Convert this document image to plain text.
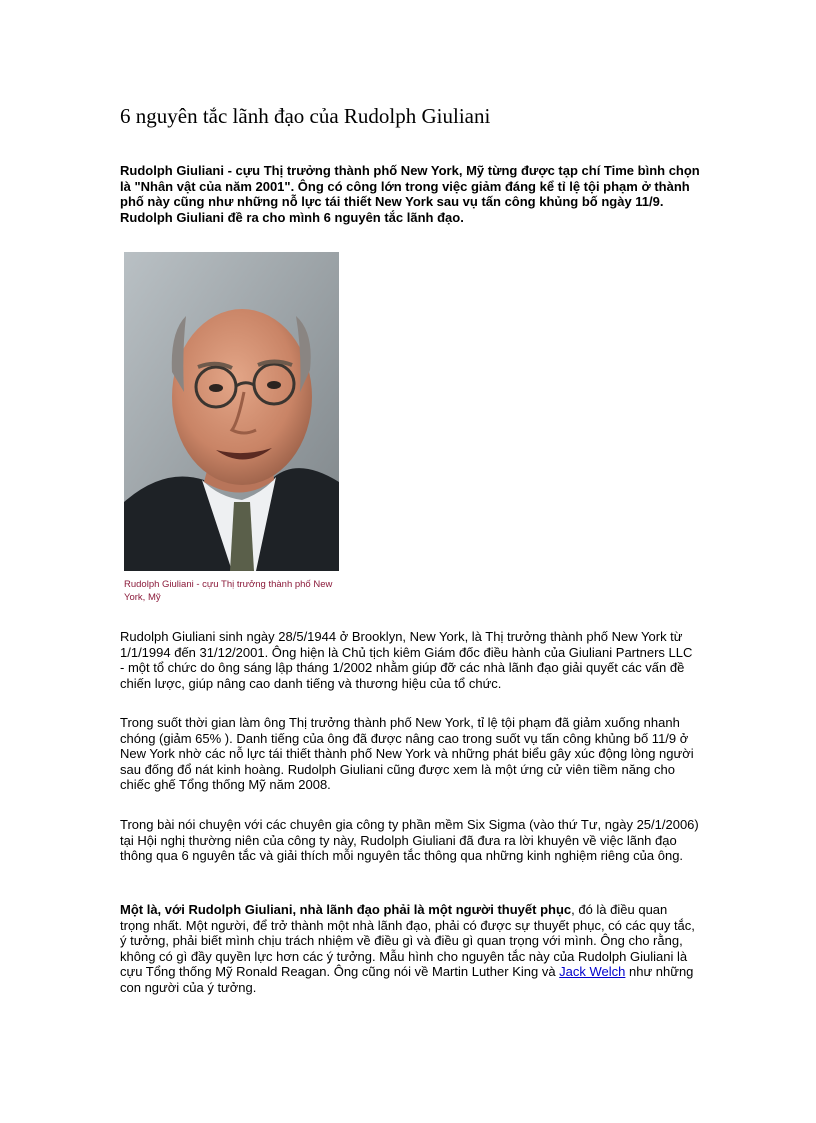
6 nguyên tắc lãnh đạo của Rudolph Giuliani

Rudolph Giuliani - cựu Thị trưởng thành phố New York, Mỹ từng được tạp chí Time bình chọn là "Nhân vật của năm 2001". Ông có công lớn trong việc giảm đáng kể tỉ lệ tội phạm ở thành phố này cũng như những nỗ lực tái thiết New York sau vụ tấn công khủng bố ngày 11/9. Rudolph Giuliani đề ra cho mình 6 nguyên tắc lãnh đạo.

Rudolph Giuliani - cựu Thị trưởng thành phố New York, Mỹ

Rudolph Giuliani sinh ngày 28/5/1944 ở Brooklyn, New York, là Thị trưởng thành phố New York từ 1/1/1994 đến 31/12/2001. Ông hiện là Chủ tịch kiêm Giám đốc điều hành của Giuliani Partners LLC - một tổ chức do ông sáng lập tháng 1/2002 nhằm giúp đỡ các nhà lãnh đạo giải quyết các vấn đề chiến lược, giúp nâng cao danh tiếng và thương hiệu của tổ chức.

Trong suốt thời gian làm ông Thị trưởng thành phố New York, tỉ lệ tội phạm đã giảm xuống nhanh chóng (giảm 65% ). Danh tiếng của ông đã được nâng cao trong suốt vụ tấn công khủng bố 11/9 ở New York nhờ các nỗ lực tái thiết thành phố New York và những phát biểu gây xúc động lòng người sau đống đổ nát kinh hoàng. Rudolph Giuliani cũng được xem là một ứng cử viên tiềm năng cho chiếc ghế Tổng thống Mỹ năm 2008.

Trong bài nói chuyện với các chuyên gia công ty phần mềm Six Sigma (vào thứ Tư, ngày 25/1/2006) tại Hội nghị thường niên của công ty này, Rudolph Giuliani đã đưa ra lời khuyên về việc lãnh đạo thông qua 6 nguyên tắc và giải thích mỗi nguyên tắc thông qua những kinh nghiệm riêng của ông.

Một là, với Rudolph Giuliani, nhà lãnh đạo phải là một người thuyết phục, đó là điều quan trọng nhất. Một người, để trở thành một nhà lãnh đạo, phải có được sự thuyết phục, có các quy tắc, ý tưởng, phải biết mình chịu trách nhiệm về điều gì và điều gì quan trọng với mình. Ông cho rằng, không có gì đầy quyền lực hơn các ý tưởng. Mẫu hình cho nguyên tắc này của Rudolph Giuliani là cựu Tổng thống Mỹ Ronald Reagan. Ông cũng nói về Martin Luther King và Jack Welch như những con người của ý tưởng.
